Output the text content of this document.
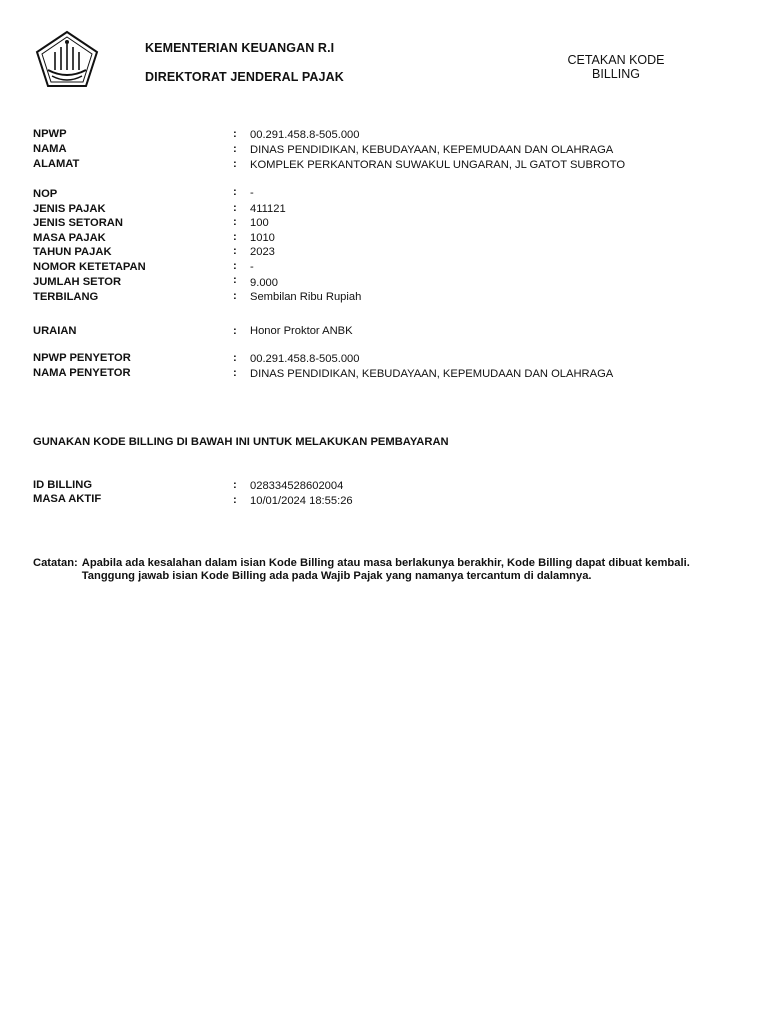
KEMENTERIAN KEUANGAN R.I
DIREKTORAT JENDERAL PAJAK
CETAKAN KODE BILLING
NPWP	: 00.291.458.8-505.000
NAMA	: DINAS PENDIDIKAN, KEBUDAYAAN, KEPEMUDAAN DAN OLAHRAGA
ALAMAT	: KOMPLEK PERKANTORAN SUWAKUL UNGARAN, JL GATOT SUBROTO
NOP	: -
JENIS PAJAK	: 411121
JENIS SETORAN	: 100
MASA PAJAK	: 1010
TAHUN PAJAK	: 2023
NOMOR KETETAPAN	: -
JUMLAH SETOR	: 9.000
TERBILANG	: Sembilan Ribu Rupiah
URAIAN	: Honor Proktor ANBK
NPWP PENYETOR	: 00.291.458.8-505.000
NAMA PENYETOR	: DINAS PENDIDIKAN, KEBUDAYAAN, KEPEMUDAAN DAN OLAHRAGA
GUNAKAN KODE BILLING DI BAWAH INI UNTUK MELAKUKAN PEMBAYARAN
ID BILLING	: 028334528602004
MASA AKTIF	: 10/01/2024 18:55:26
Catatan: Apabila ada kesalahan dalam isian Kode Billing atau masa berlakunya berakhir, Kode Billing dapat dibuat kembali. Tanggung jawab isian Kode Billing ada pada Wajib Pajak yang namanya tercantum di dalamnya.
